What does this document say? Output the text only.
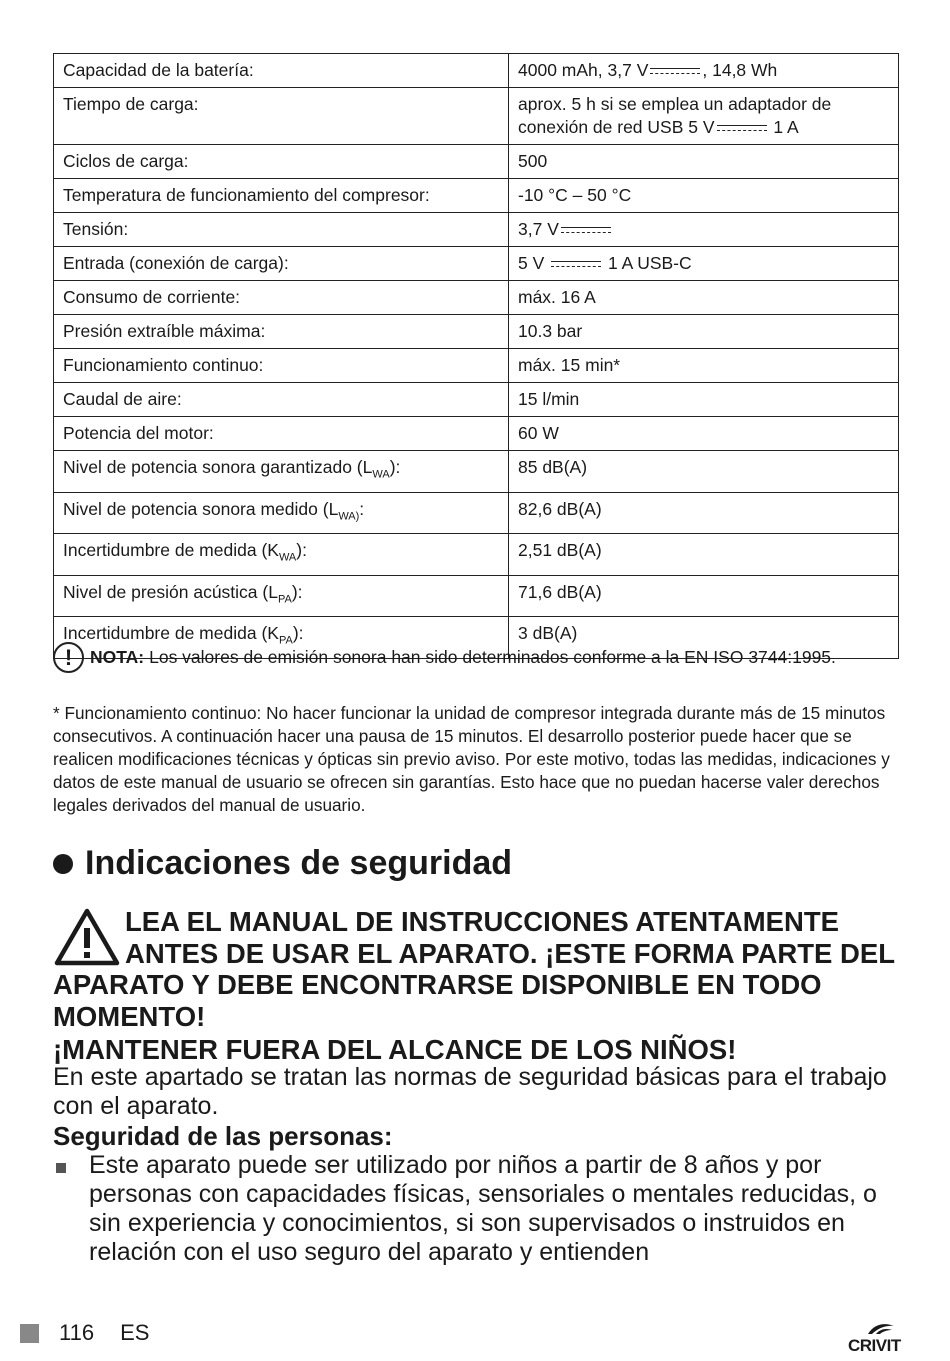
Capacidad de la batería:	4000 mAh, 3,7 V , 14,8 Wh
Tiempo de carga:	aprox. 5 h si se emplea un adaptador de conexión de red USB 5 V 1 A
Ciclos de carga:	500
Temperatura de funcionamiento del compresor:	-10 °C – 50 °C
Tensión:	3,7 V
Entrada (conexión de carga):	5 V 1 A USB-C
Consumo de corriente:	máx. 16 A
Presión extraíble máxima:	10.3 bar
Funcionamiento continuo:	máx. 15 min*
Caudal de aire:	15 l/min
Potencia del motor:	60 W
Nivel de potencia sonora garantizado $(L_{WA})$:	85 dB(A)
Nivel de potencia sonora medido ($L_{WA)}$:	82,6 dB(A)
Incertidumbre de medida $(K_{WA})$:	2,51 dB(A)
Nivel de presión acústica $(L_{PA})$:	71,6 dB(A)
Incertidumbre de medida $(K_{PA})$:	3 dB(A)
!	NOTA: Los valores de emisión sonora han sido determinados conforme a la EN ISO 3744:1995.

* Funcionamiento continuo: No hacer funcionar la unidad de compresor integrada durante más de 15 minutos consecutivos. A continuación hacer una pausa de 15 minutos. El desarrollo posterior puede hacer que se realicen modificaciones técnicas y ópticas sin previo aviso. Por este motivo, todas las medidas, indicaciones y datos de este manual de usuario se ofrecen sin garantías. Esto hace que no puedan hacerse valer derechos legales derivados del manual de usuario.

Indicaciones de seguridad

LEA EL MANUAL DE INSTRUCCIONES ATENTAMENTE ANTES DE USAR EL APARATO. ¡ESTE FORMA PARTE DEL APARATO Y DEBE ENCONTRARSE DISPONIBLE EN TODO MOMENTO!

¡MANTENER FUERA DEL ALCANCE DE LOS NIÑOS!

En este apartado se tratan las normas de seguridad básicas para el trabajo con el aparato.

Seguridad de las personas:
Este aparato puede ser utilizado por niños a partir de 8 años y por personas con capacidades físicas, sensoriales o mentales reducidas, o sin experiencia y conocimientos, si son supervisados o instruidos en relación con el uso seguro del aparato y entienden
116 ES
CRIVIT
